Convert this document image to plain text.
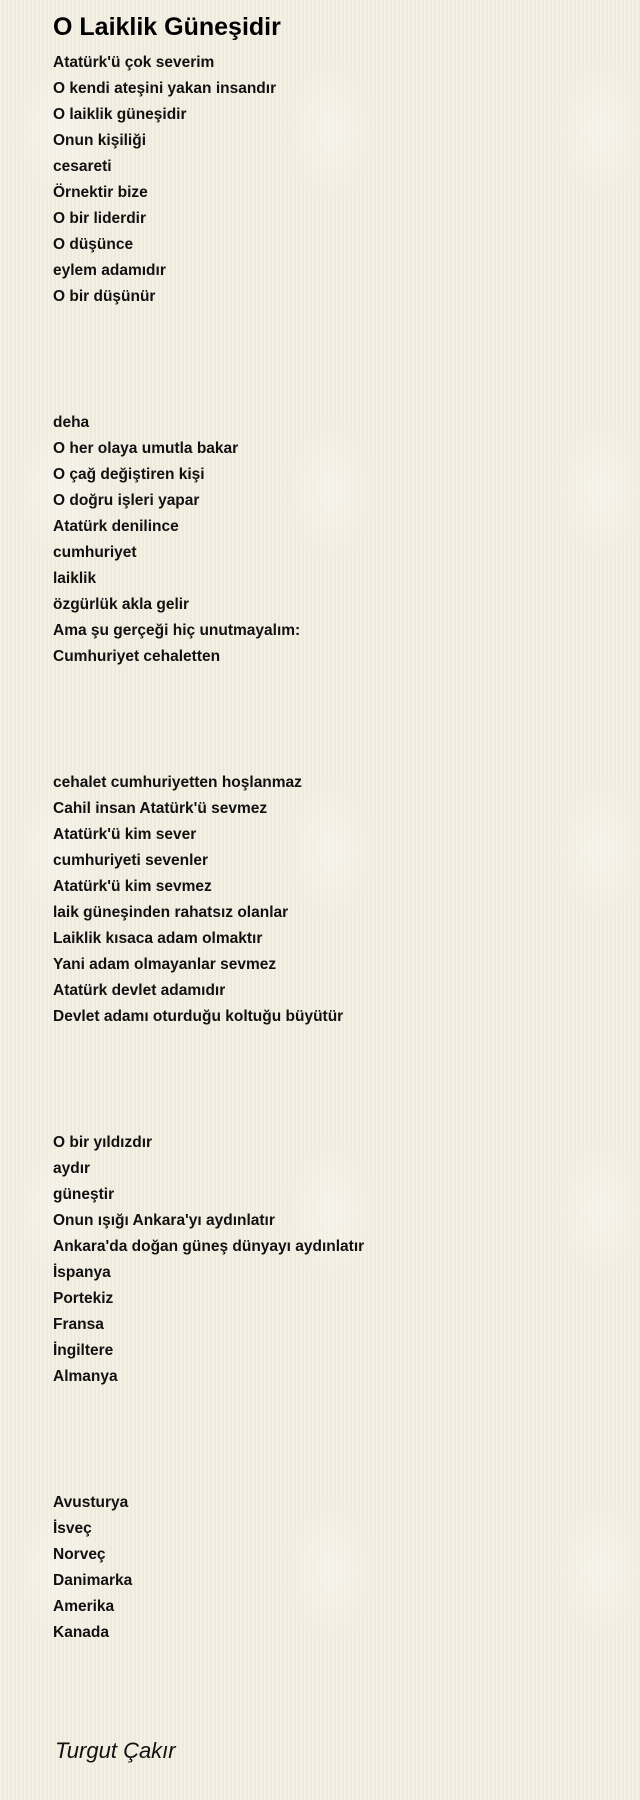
O Laiklik Güneşidir
Atatürk'ü çok severim
O kendi ateşini yakan insandır
O laiklik güneşidir
Onun kişiliği
cesareti
Örnektir bize
O bir liderdir
O düşünce
eylem adamıdır
O bir düşünür
deha
O her olaya umutla bakar
O çağ değiştiren kişi
O doğru işleri yapar
Atatürk denilince
cumhuriyet
laiklik
özgürlük akla gelir
Ama şu gerçeği hiç unutmayalım:
Cumhuriyet cehaletten
cehalet cumhuriyetten hoşlanmaz
Cahil insan Atatürk'ü sevmez
Atatürk'ü kim sever
cumhuriyeti sevenler
Atatürk'ü kim sevmez
laik güneşinden rahatsız olanlar
Laiklik kısaca adam olmaktır
Yani adam olmayanlar sevmez
Atatürk devlet adamıdır
Devlet adamı oturduğu koltuğu büyütür
O bir yıldızdır
aydır
güneştir
Onun ışığı Ankara'yı aydınlatır
Ankara'da doğan güneş dünyayı aydınlatır
İspanya
Portekiz
Fransa
İngiltere
Almanya
Avusturya
İsveç
Norveç
Danimarka
Amerika
Kanada
Turgut Çakır
